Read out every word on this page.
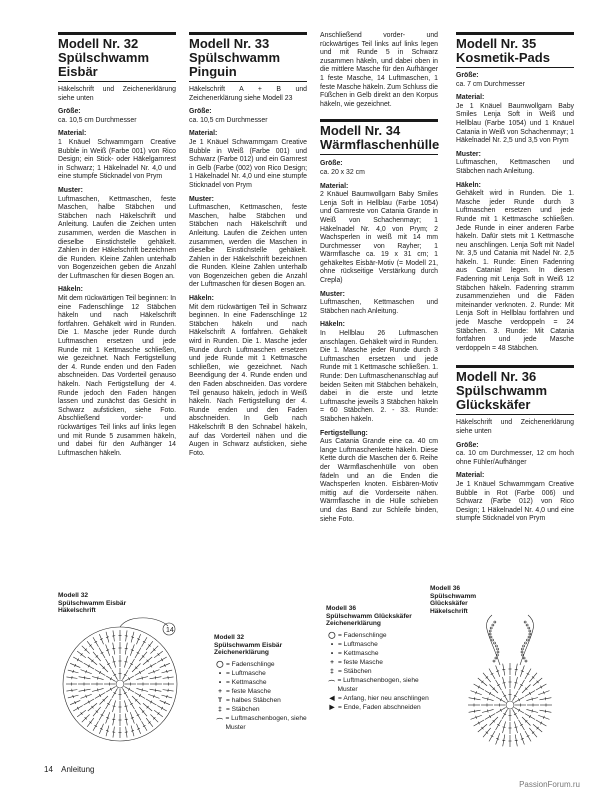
Modell Nr. 32
Spülschwamm Eisbär

Häkelschrift und Zeichenerklärung siehe unten

Größe:

ca. 10,5 cm Durchmesser

Material:

1 Knäuel Schwammgarn Creative Bubble in Weiß (Farbe 001) von Rico Design; ein Stick- oder Häkelgarnrest in Schwarz; 1 Häkelnadel Nr. 4,0 und eine stumpfe Sticknadel von Prym

Muster:

Luftmaschen, Kettmaschen, feste Maschen, halbe Stäbchen und Stäbchen nach Häkelschrift und Anleitung. Laufen die Zeichen unten zusammen, werden die Maschen in dieselbe Einstichstelle gehäkelt. Zahlen in der Häkelschrift bezeichnen die Runden. Kleine Zahlen unterhalb von Bogenzeichen geben die Anzahl der Luftmaschen für diesen Bogen an.

Häkeln:

Mit dem rückwärtigen Teil beginnen: In eine Fadenschlinge 12 Stäbchen häkeln und nach Häkelschrift fortfahren. Gehäkelt wird in Runden. Die 1. Masche jeder Runde durch Luftmaschen ersetzen und jede Runde mit 1 Kettmasche schließen, wie gezeichnet. Nach Fertigstellung der 4. Runde enden und den Faden abschneiden. Das Vorderteil genauso häkeln. Nach Fertigstellung der 4. Runde jedoch den Faden hängen lassen und zunächst das Gesicht in Schwarz aufsticken, siehe Foto. Abschließend vorder- und rückwärtiges Teil links auf links legen und mit Runde 5 zusammen häkeln, und dabei für den Aufhänger 14 Luftmaschen häkeln.

Modell Nr. 33
Spülschwamm Pinguin

Häkelschrift A + B und Zeichenerklärung siehe Modell 23

Größe:

ca. 10,5 cm Durchmesser

Material:

Je 1 Knäuel Schwammgarn Creative Bubble in Weiß (Farbe 001) und Schwarz (Farbe 012) und ein Garnrest in Gelb (Farbe (002) von Rico Design; 1 Häkelnadel Nr. 4,0 und eine stumpfe Sticknadel von Prym

Muster:

Luftmaschen, Kettmaschen, feste Maschen, halbe Stäbchen und Stäbchen nach Häkelschrift und Anleitung. Laufen die Zeichen unten zusammen, werden die Maschen in dieselbe Einstichstelle gehäkelt. Zahlen in der Häkelschrift bezeichnen die Runden. Kleine Zahlen unterhalb von Bogenzeichen geben die Anzahl der Luftmaschen für diesen Bogen an.

Häkeln:

Mit dem rückwärtigen Teil in Schwarz beginnen. In eine Fadenschlinge 12 Stäbchen häkeln und nach Häkelschrift A fortfahren. Gehäkelt wird in Runden. Die 1. Masche jeder Runde durch Luftmaschen ersetzen und jede Runde mit 1 Kettmasche schließen, wie gezeichnet. Nach Beendigung der 4. Runde enden und den Faden abschneiden. Das vordere Teil genauso häkeln, jedoch in Weiß häkeln. Nach Fertigstellung der 4. Runde enden und den Faden abschneiden. In Gelb nach Häkelschrift B den Schnabel häkeln, auf das Vorderteil nähen und die Augen in Schwarz aufsticken, siehe Foto.

Anschließend vorder- und rückwärtiges Teil links auf links legen und mit Runde 5 in Schwarz zusammen häkeln, und dabei oben in die mittlere Masche für den Aufhänger 1 feste Masche, 14 Luftmaschen, 1 feste Masche häkeln. Zum Schluss die Füßchen in Gelb direkt an den Korpus häkeln, wie gezeichnet.

Modell Nr. 34
Wärmflaschenhülle

Größe:

ca. 20 x 32 cm

Material:

2 Knäuel Baumwollgarn Baby Smiles Lenja Soft in Hellblau (Farbe 1054) und Garnreste von Catania Grande in Weiß von Schachenmayr; 1 Häkelnadel Nr. 4,0 von Prym; 2 Wachsperlen in weiß mit 14 mm Durchmesser von Rayher; 1 Wärmflasche ca. 19 x 31 cm; 1 gehäkeltes Eisbär-Motiv (= Modell 21, ohne rückseitige Verstärkung durch Crepla)

Muster:

Luftmaschen, Kettmaschen und Stäbchen nach Anleitung.

Häkeln:

In Hellblau 26 Luftmaschen anschlagen. Gehäkelt wird in Runden. Die 1. Masche jeder Runde durch 3 Luftmaschen ersetzen und jede Runde mit 1 Kettmasche schließen. 1. Runde: Den Luftmaschenanschlag auf beiden Seiten mit Stäbchen behäkeln, dabei in die erste und letzte Luftmasche jeweils 3 Stäbchen häkeln = 60 Stäbchen. 2. - 33. Runde: Stäbchen häkeln.

Fertigstellung:

Aus Catania Grande eine ca. 40 cm lange Luftmaschenkette häkeln. Diese Kette durch die Maschen der 6. Reihe der Wärmflaschenhülle von oben fädeln und an die Enden die Wachsperlen knoten. Eisbären-Motiv mittig auf die Vorderseite nähen. Wärmflasche in die Hülle schieben und das Band zur Schleife binden, siehe Foto.

Modell Nr. 35
Kosmetik-Pads

Größe:

ca. 7 cm Durchmesser

Material:

Je 1 Knäuel Baumwollgarn Baby Smiles Lenja Soft in Weiß und Hellblau (Farbe 1054) und 1 Knäuel Catania in Weiß von Schachenmayr; 1 Häkelnadel Nr. 2,5 und 3,5 von Prym

Muster:

Luftmaschen, Kettmaschen und Stäbchen nach Anleitung.

Häkeln:

Gehäkelt wird in Runden. Die 1. Masche jeder Runde durch 3 Luftmaschen ersetzen und jede Runde mit 1 Kettmasche schließen. Jede Runde in einer anderen Farbe häkeln. Dafür stets mit 1 Kettmasche neu anschlingen. Lenja Soft mit Nadel Nr. 3,5 und Catania mit Nadel Nr. 2,5 häkeln. 1. Runde: Einen Fadenring aus Catania! legen. In diesen Fadenring mit Lenja Soft in Weiß 12 Stäbchen häkeln. Fadenring stramm zusammenziehen und die Fäden miteinander verknoten. 2. Runde: Mit Lenja Soft in Hellblau fortfahren und jede Masche verdoppeln = 24 Stäbchen. 3. Runde: Mit Catania fortfahren und jede Masche verdoppeln = 48 Stäbchen.

Modell Nr. 36
Spülschwamm Glückskäfer

Häkelschrift und Zeichenerklärung siehe unten

Größe:

ca. 10 cm Durchmesser, 12 cm hoch ohne Fühler/Aufhänger

Material:

Je 1 Knäuel Schwammgarn Creative Bubble in Rot (Farbe 006) und Schwarz (Farbe 012) von Rico Design; 1 Häkelnadel Nr. 4,0 und eine stumpfe Sticknadel von Prym

Modell 32
Spülschwamm Eisbär
Häkelschrift
14
Modell 32
Spülschwamm Eisbär
Zeichenerklärung
◯ = Fadenschlinge
• = Luftmasche
• = Kettmasche
+ = feste Masche
T = halbes Stäbchen
‡ = Stäbchen
⌒
= Luftmaschenbogen, siehe Muster
Modell 36
Spülschwamm Glückskäfer
Zeichenerklärung
◯ = Fadenschlinge
• = Luftmasche
• = Kettmasche
+ = feste Masche
‡ = Stäbchen
⌒
= Luftmaschenbogen, siehe Muster
◀ = Anfang, hier neu anschlingen
▶ = Ende, Faden abschneiden
Modell 36
Spülschwamm
Glückskäfer
Häkelschrift
14 Anleitung
PassionForum.ru
